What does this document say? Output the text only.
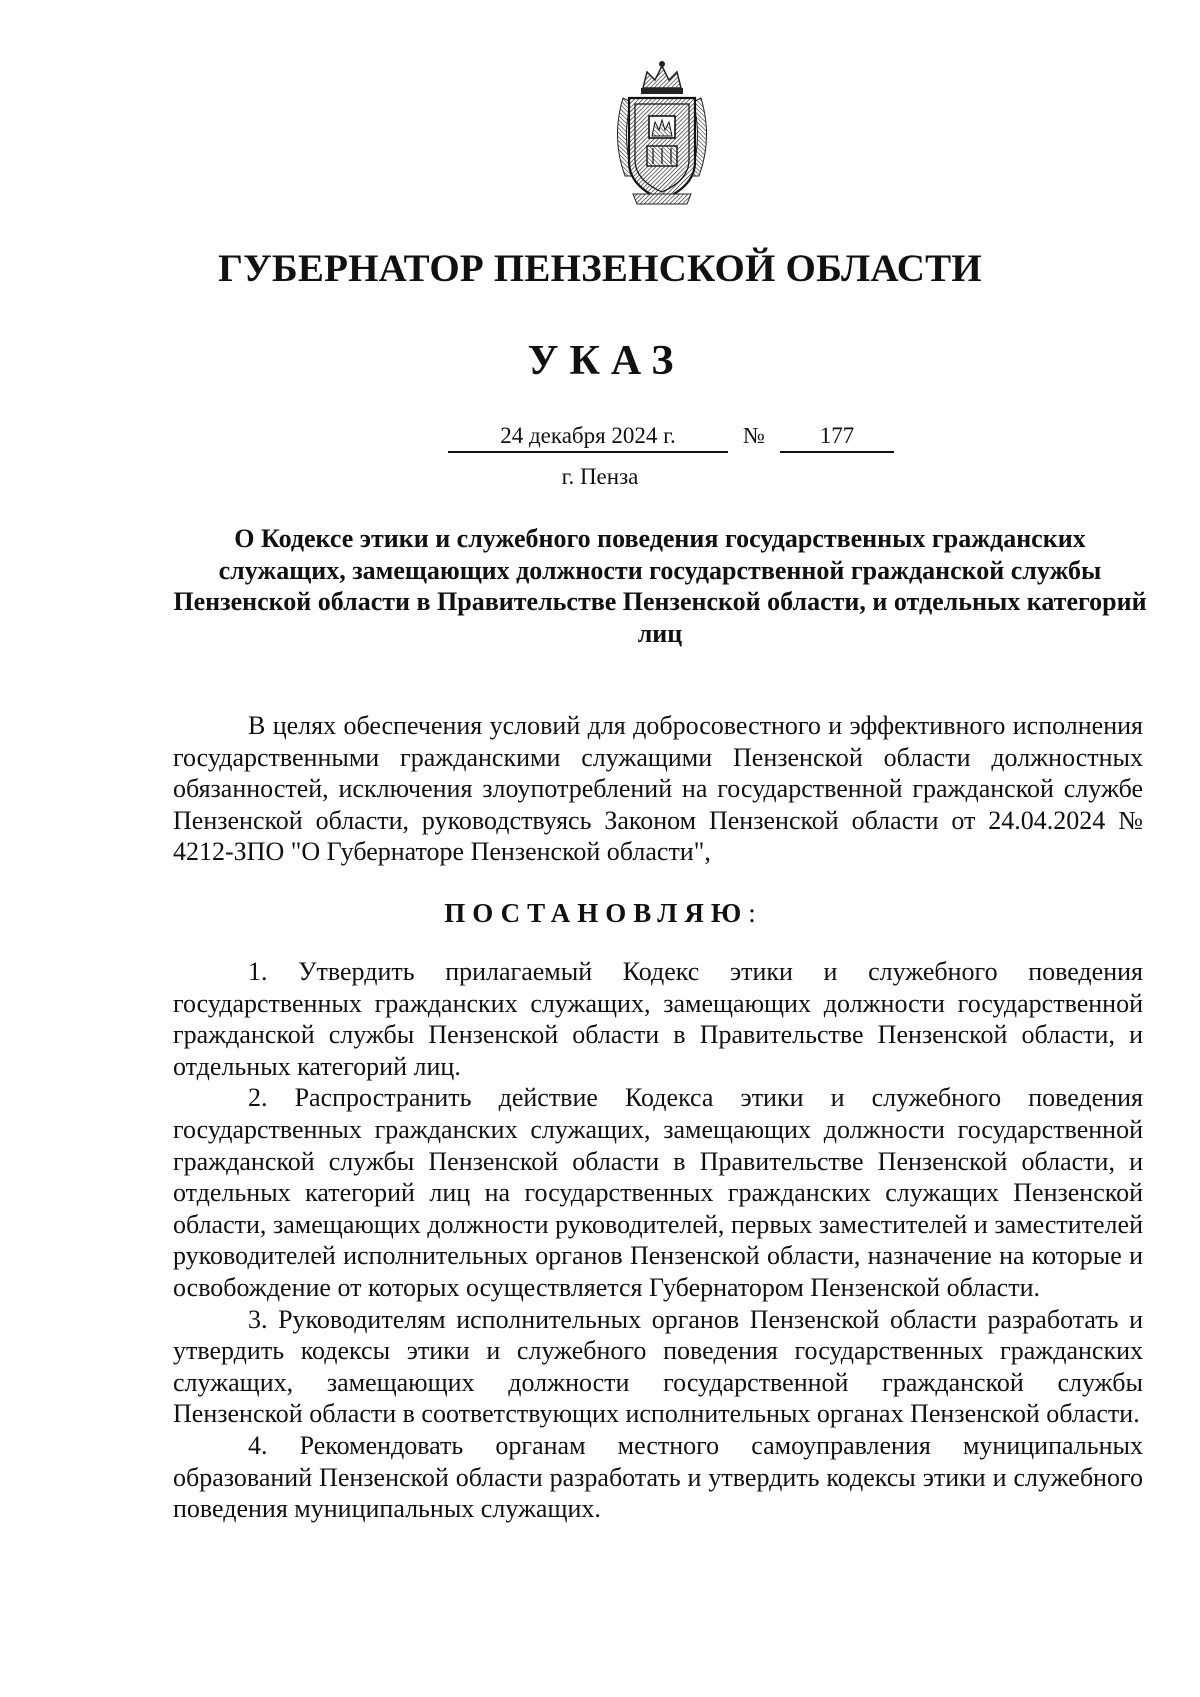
ГУБЕРНАТОР ПЕНЗЕНСКОЙ ОБЛАСТИ
УКАЗ
24 декабря 2024 г.	№	177
г. Пенза
О Кодексе этики и служебного поведения государственных гражданских служащих, замещающих должности государственной гражданской службы Пензенской области в Правительстве Пензенской области, и отдельных категорий лиц

В целях обеспечения условий для добросовестного и эффективного исполнения государственными гражданскими служащими Пензенской области должностных обязанностей, исключения злоупотреблений на государственной гражданской службе Пензенской области, руководствуясь Законом Пензенской области от 24.04.2024 № 4212-ЗПО "О Губернаторе Пензенской области",

ПОСТАНОВЛЯЮ:

1. Утвердить прилагаемый Кодекс этики и служебного поведения государственных гражданских служащих, замещающих должности государственной гражданской службы Пензенской области в Правительстве Пензенской области, и отдельных категорий лиц.

2. Распространить действие Кодекса этики и служебного поведения государственных гражданских служащих, замещающих должности государственной гражданской службы Пензенской области в Правительстве Пензенской области, и отдельных категорий лиц на государственных гражданских служащих Пензенской области, замещающих должности руководителей, первых заместителей и заместителей руководителей исполнительных органов Пензенской области, назначение на которые и освобождение от которых осуществляется Губернатором Пензенской области.

3. Руководителям исполнительных органов Пензенской области разработать и утвердить кодексы этики и служебного поведения государственных гражданских служащих, замещающих должности государственной гражданской службы Пензенской области в соответствующих исполнительных органах Пензенской области.

4. Рекомендовать органам местного самоуправления муниципальных образований Пензенской области разработать и утвердить кодексы этики и служебного поведения муниципальных служащих.
